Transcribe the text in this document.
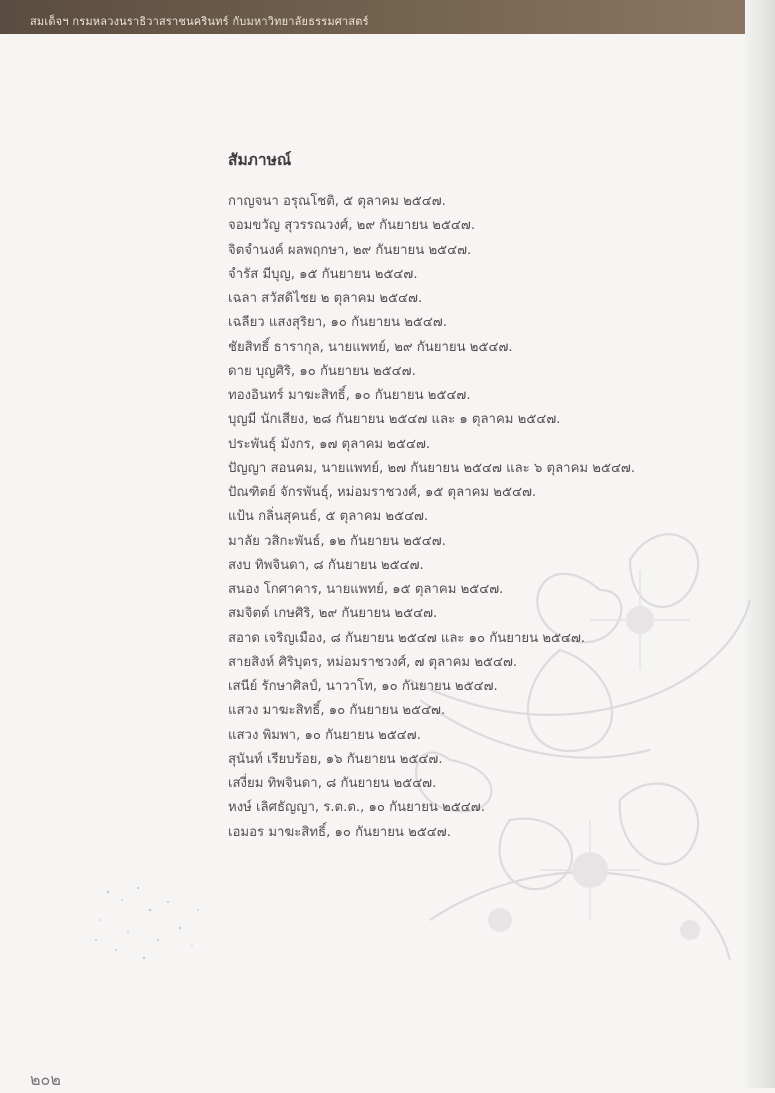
สมเด็จฯ กรมหลวงนราธิวาสราชนครินทร์ กับมหาวิทยาลัยธรรมศาสตร์
สัมภาษณ์
กาญจนา อรุณโชติ, ๕ ตุลาคม ๒๕๔๗.
จอมขวัญ สุวรรณวงศ์, ๒๙ กันยายน ๒๕๔๗.
จิตจำนงค์ ผลพฤกษา, ๒๙ กันยายน ๒๕๔๗.
จำรัส มีบุญ, ๑๕ กันยายน ๒๕๔๗.
เฉลา สวัสดิไชย ๒ ตุลาคม ๒๕๔๗.
เฉลียว แสงสุริยา, ๑๐ กันยายน ๒๕๔๗.
ชัยสิทธิ์ ธารากุล, นายแพทย์, ๒๙ กันยายน ๒๕๔๗.
ดาย บุญศิริ, ๑๐ กันยายน ๒๕๔๗.
ทองอินทร์ มาฆะสิทธิ์, ๑๐ กันยายน ๒๕๔๗.
บุญมี นักเสียง, ๒๘ กันยายน ๒๕๔๗ และ ๑ ตุลาคม ๒๕๔๗.
ประพันธุ์ มังกร, ๑๗ ตุลาคม ๒๕๔๗.
ปัญญา สอนคม, นายแพทย์, ๒๗ กันยายน ๒๕๔๗ และ ๖ ตุลาคม ๒๕๔๗.
ปัณฑิตย์ จักรพันธุ์, หม่อมราชวงศ์, ๑๕ ตุลาคม ๒๕๔๗.
แป้น กลิ่นสุคนธ์, ๕ ตุลาคม ๒๕๔๗.
มาลัย วสิกะพันธ์, ๑๒ กันยายน ๒๕๔๗.
สงบ ทิพจินดา, ๘ กันยายน ๒๕๔๗.
สนอง โกศาคาร, นายแพทย์, ๑๕ ตุลาคม ๒๕๔๗.
สมจิตต์ เกษศิริ, ๒๙ กันยายน ๒๕๔๗.
สอาด เจริญเมือง, ๘ กันยายน ๒๕๔๗ และ ๑๐ กันยายน ๒๕๔๗.
สายสิงห์ ศิริบุตร, หม่อมราชวงศ์, ๗ ตุลาคม ๒๕๔๗.
เสนีย์ รักษาศิลป์, นาวาโท, ๑๐ กันยายน ๒๕๔๗.
แสวง มาฆะสิทธิ์, ๑๐ กันยายน ๒๕๔๗.
แสวง พิมพา, ๑๐ กันยายน ๒๕๔๗.
สุนันท์ เรียบร้อย, ๑๖ กันยายน ๒๕๔๗.
เสงี่ยม ทิพจินดา, ๘ กันยายน ๒๕๔๗.
หงษ์ เลิศธัญญา, ร.ต.ต., ๑๐ กันยายน ๒๕๔๗.
เอมอร มาฆะสิทธิ์, ๑๐ กันยายน ๒๕๔๗.
๒๐๒
